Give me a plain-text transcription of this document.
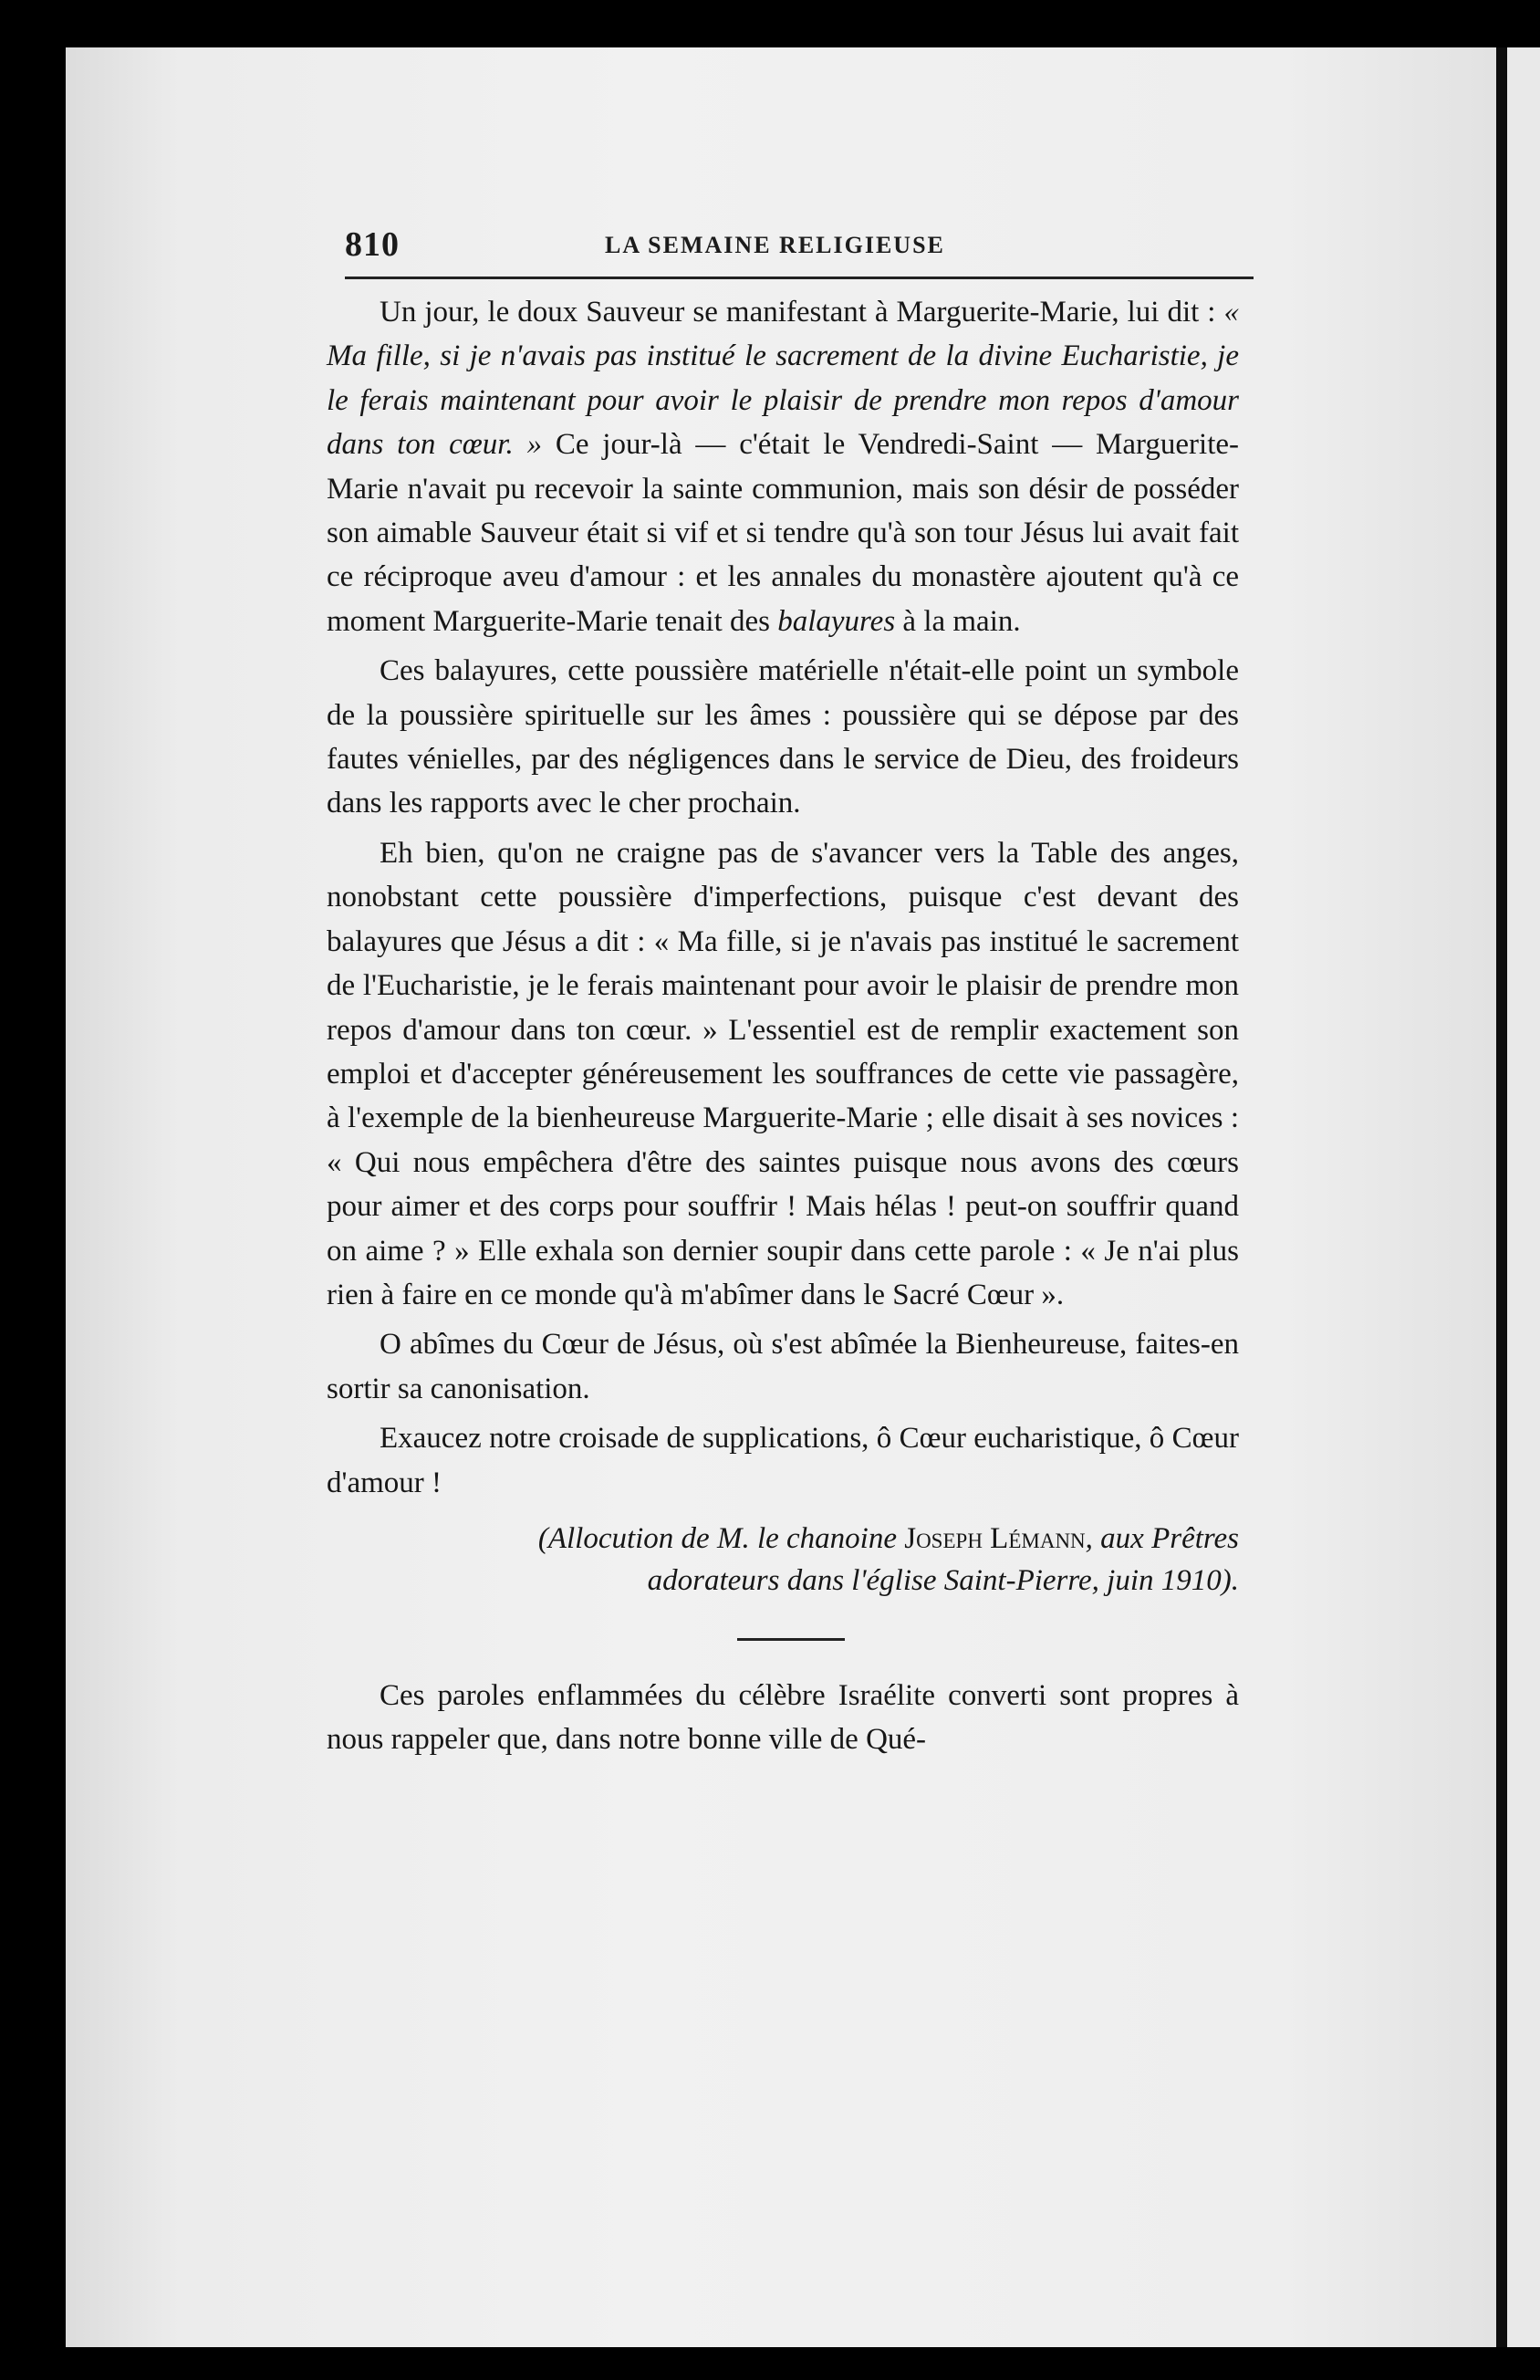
810	LA SEMAINE RELIGIEUSE

Un jour, le doux Sauveur se manifestant à Marguerite-Marie, lui dit : « Ma fille, si je n'avais pas institué le sacrement de la divine Eucharistie, je le ferais maintenant pour avoir le plaisir de prendre mon repos d'amour dans ton cœur. » Ce jour-là — c'était le Vendredi-Saint — Marguerite-Marie n'avait pu recevoir la sainte communion, mais son désir de posséder son aimable Sauveur était si vif et si tendre qu'à son tour Jésus lui avait fait ce réciproque aveu d'amour : et les annales du monastère ajoutent qu'à ce moment Marguerite-Marie tenait des balayures à la main.

Ces balayures, cette poussière matérielle n'était-elle point un symbole de la poussière spirituelle sur les âmes : poussière qui se dépose par des fautes vénielles, par des négligences dans le service de Dieu, des froideurs dans les rapports avec le cher prochain.

Eh bien, qu'on ne craigne pas de s'avancer vers la Table des anges, nonobstant cette poussière d'imperfections, puisque c'est devant des balayures que Jésus a dit : « Ma fille, si je n'avais pas institué le sacrement de l'Eucharistie, je le ferais maintenant pour avoir le plaisir de prendre mon repos d'amour dans ton cœur. » L'essentiel est de remplir exactement son emploi et d'accepter généreusement les souffrances de cette vie passagère, à l'exemple de la bienheureuse Marguerite-Marie ; elle disait à ses novices : « Qui nous empêchera d'être des saintes puisque nous avons des cœurs pour aimer et des corps pour souffrir ! Mais hélas ! peut-on souffrir quand on aime ? » Elle exhala son dernier soupir dans cette parole : « Je n'ai plus rien à faire en ce monde qu'à m'abîmer dans le Sacré Cœur ».

O abîmes du Cœur de Jésus, où s'est abîmée la Bienheureuse, faites-en sortir sa canonisation.

Exaucez notre croisade de supplications, ô Cœur eucharistique, ô Cœur d'amour !

(Allocution de M. le chanoine Joseph Lémann, aux Prêtres
adorateurs dans l'église Saint-Pierre, juin 1910).

Ces paroles enflammées du célèbre Israélite converti sont propres à nous rappeler que, dans notre bonne ville de Qué-
